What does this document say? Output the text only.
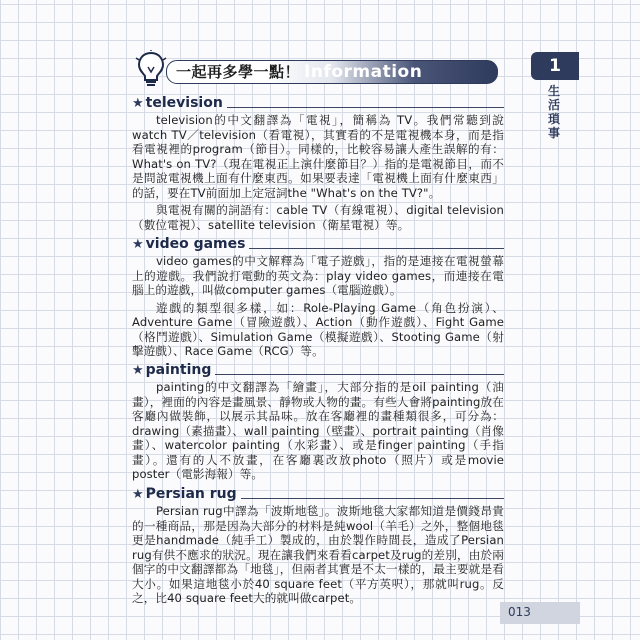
一起再多學一點！ Information	1
生活瑣事
★ television

television的中文翻譯為「電視」，簡稱為 TV。我們常聽到說watch TV／television（看電視），其實看的不是電視機本身，而是指看電視裡的program（節目）。同樣的，比較容易讓人產生誤解的有：What's on TV?（現在電視正上演什麼節目？）指的是電視節目，而不是問說電視機上面有什麼東西。如果要表達「電視機上面有什麼東西」的話，要在TV前面加上定冠詞the "What's on the TV?"。

與電視有關的詞語有：cable TV（有線電視）、digital television（數位電視）、satellite television（衛星電視）等。

★ video games

video games的中文解釋為「電子遊戲」，指的是連接在電視螢幕上的遊戲。我們說打電動的英文為：play video games，而連接在電腦上的遊戲，叫做computer games（電腦遊戲）。

遊戲的類型很多樣，如：Role-Playing Game（角色扮演）、Adventure Game（冒險遊戲）、Action（動作遊戲）、Fight Game（格鬥遊戲）、Simulation Game（模擬遊戲）、Stooting Game（射擊遊戲）、Race Game（RCG）等。

★ painting

painting的中文翻譯為「繪畫」，大部分指的是oil painting（油畫），裡面的內容是畫風景、靜物或人物的畫。有些人會將painting放在客廳內做裝飾，以展示其品味。放在客廳裡的畫種類很多，可分為：drawing（素描畫）、wall painting（壁畫）、portrait painting（肖像畫）、watercolor painting（水彩畫）、或是finger painting（手指畫）。還有的人不放畫，在客廳裏改放photo（照片）或是movie poster（電影海報）等。

★ Persian rug

Persian rug中譯為「波斯地毯」。波斯地毯大家都知道是價錢昂貴的一種商品，那是因為大部分的材料是純wool（羊毛）之外，整個地毯更是handmade（純手工）製成的，由於製作時間長，造成了Persian rug有供不應求的狀況。現在讓我們來看看carpet及rug的差別，由於兩個字的中文翻譯都為「地毯」，但兩者其實是不太一樣的，最主要就是看大小。如果這地毯小於40 square feet（平方英呎），那就叫rug。反之，比40 square feet大的就叫做carpet。

013
